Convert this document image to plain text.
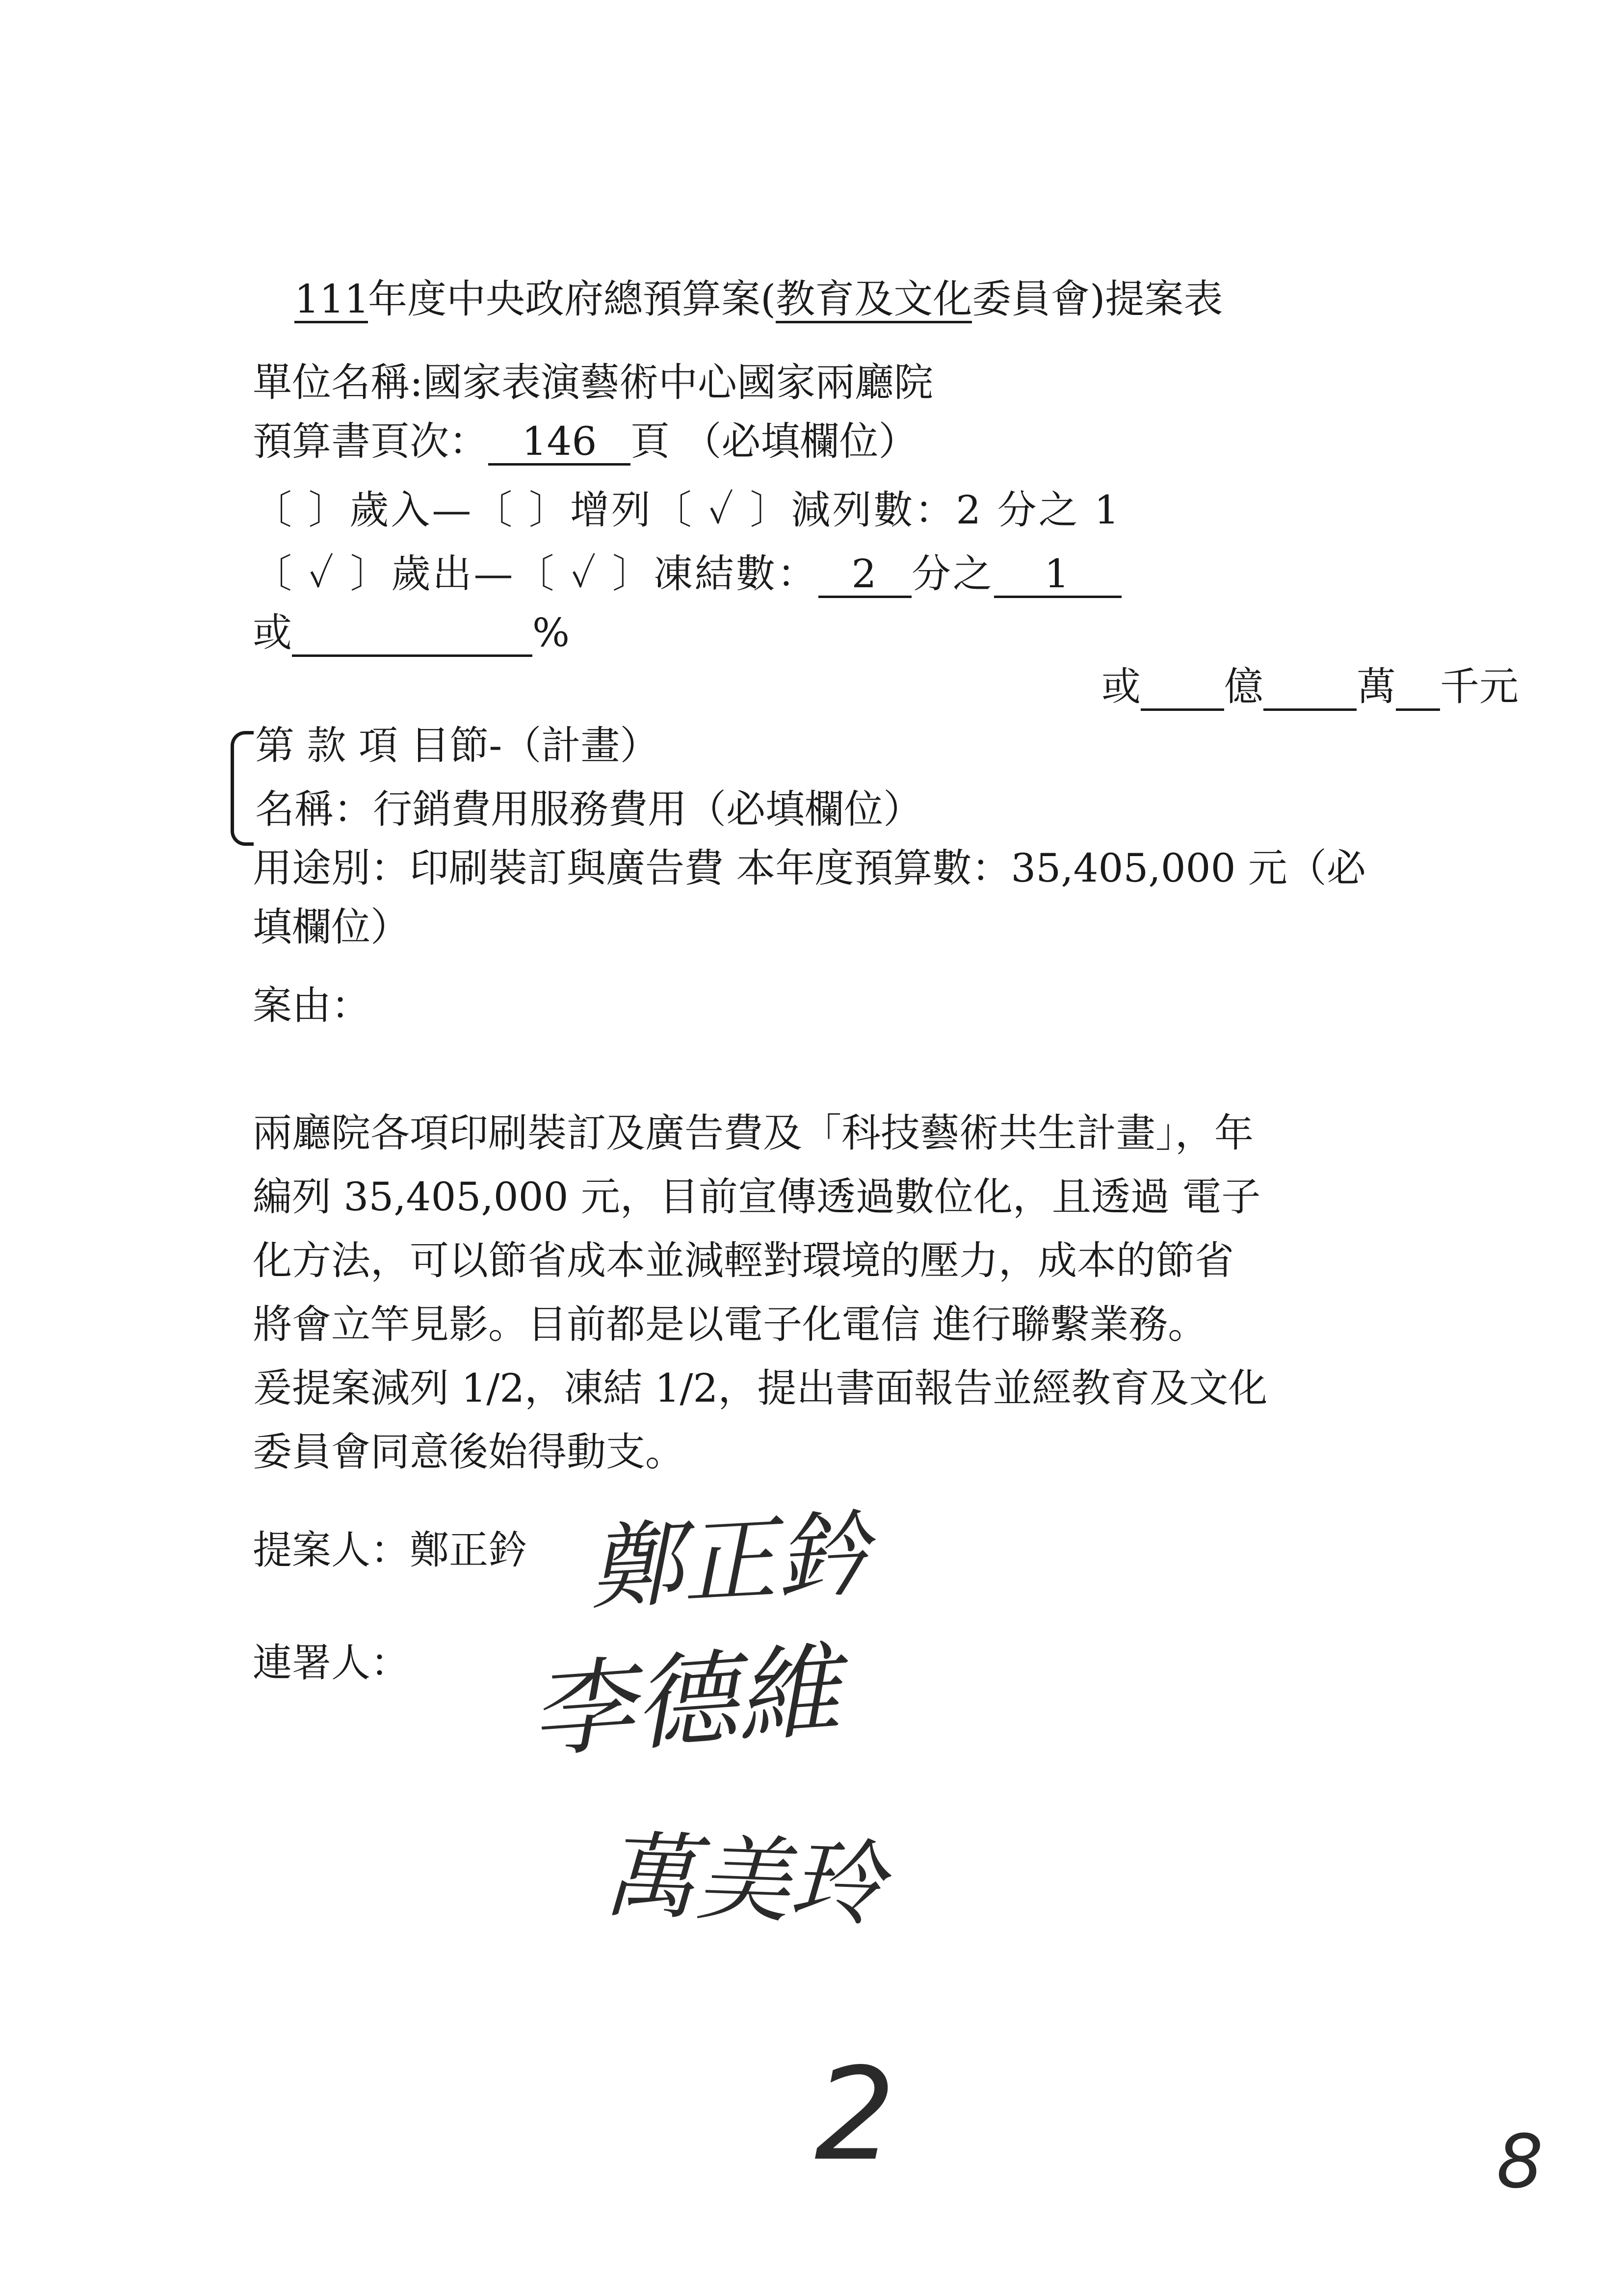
111年度中央政府總預算案(教育及文化委員會)提案表
單位名稱:國家表演藝術中心國家兩廳院
預算書頁次： 146 頁 （必填欄位）
〔 〕歲入—〔 〕增列〔 ✓ 〕減列數：2 分之 1
〔 ✓ 〕歲出—〔 ✓ 〕凍結數： 2 分之 1
或	%
或 億 萬 千元
第 款 項 目節-（計畫）
名稱：行銷費用服務費用（必填欄位）
用途別：印刷裝訂與廣告費 本年度預算數：35,405,000 元（必
填欄位）
案由：
兩廳院各項印刷裝訂及廣告費及「科技藝術共生計畫」，年
編列 35,405,000 元，目前宣傳透過數位化，且透過 電子
化方法，可以節省成本並減輕對環境的壓力，成本的節省
將會立竿見影。目前都是以電子化電信 進行聯繫業務。
爰提案減列 1/2，凍結 1/2，提出書面報告並經教育及文化
委員會同意後始得動支。
提案人：鄭正鈐 鄭正鈐
連署人： 李德維
萬美玲
2	8
